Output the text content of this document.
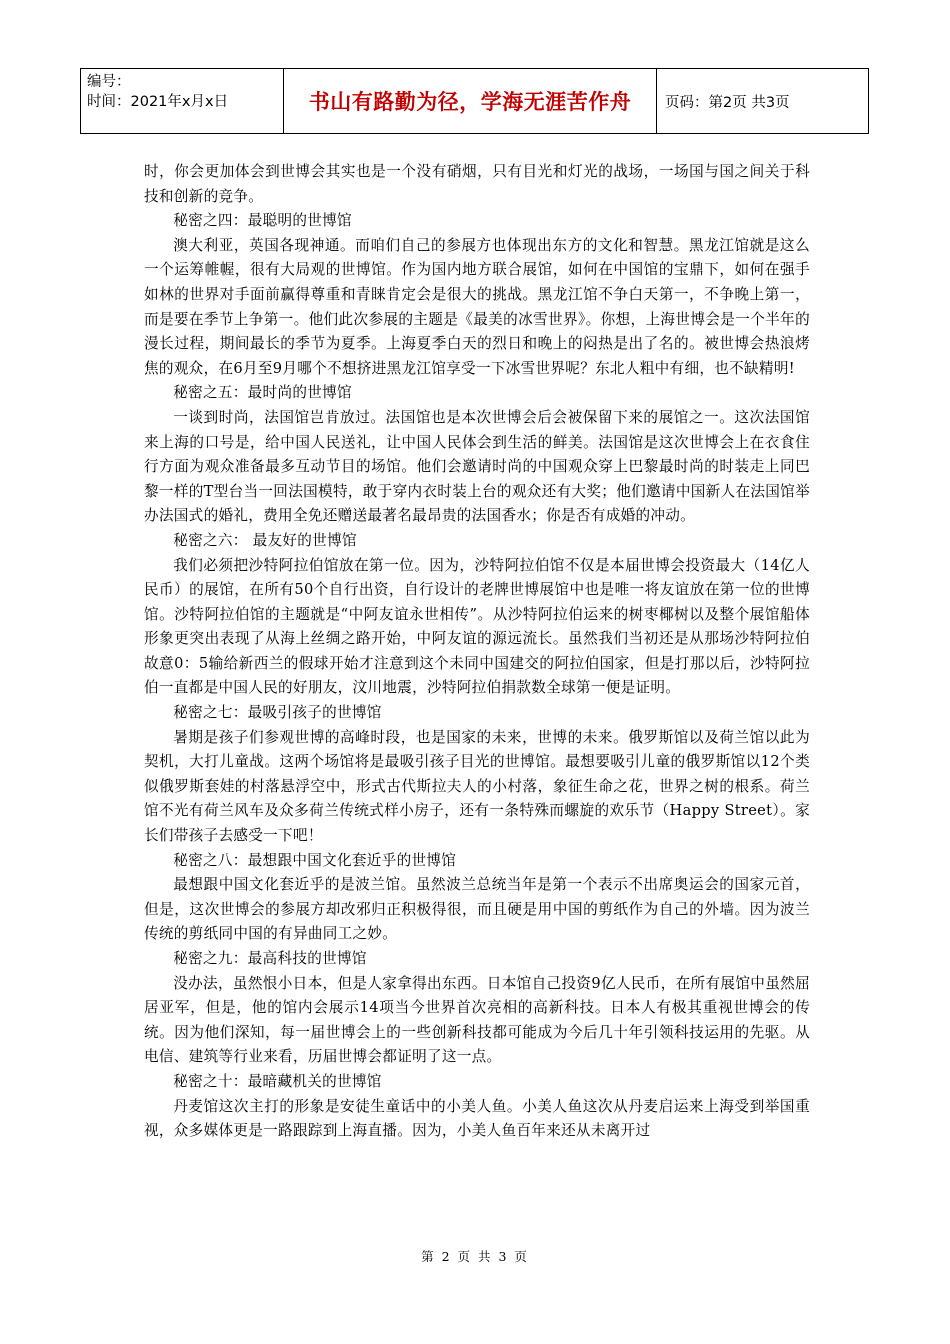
编号：
时间：2021年x月x日	书山有路勤为径，学海无涯苦作舟	页码：第2页 共3页

时，你会更加体会到世博会其实也是一个没有硝烟，只有目光和灯光的战场，一场国与国之间关于科技和创新的竞争。

秘密之四：最聪明的世博馆

澳大利亚，英国各现神通。而咱们自己的参展方也体现出东方的文化和智慧。黑龙江馆就是这么一个运筹帷幄，很有大局观的世博馆。作为国内地方联合展馆，如何在中国馆的宝鼎下，如何在强手如林的世界对手面前赢得尊重和青睐肯定会是很大的挑战。黑龙江馆不争白天第一，不争晚上第一，而是要在季节上争第一。他们此次参展的主题是《最美的冰雪世界》。你想，上海世博会是一个半年的漫长过程，期间最长的季节为夏季。上海夏季白天的烈日和晚上的闷热是出了名的。被世博会热浪烤焦的观众，在6月至9月哪个不想挤进黑龙江馆享受一下冰雪世界呢？东北人粗中有细，也不缺精明!

秘密之五：最时尚的世博馆

一谈到时尚，法国馆岂肯放过。法国馆也是本次世博会后会被保留下来的展馆之一。这次法国馆来上海的口号是，给中国人民送礼，让中国人民体会到生活的鲜美。法国馆是这次世博会上在衣食住行方面为观众准备最多互动节目的场馆。他们会邀请时尚的中国观众穿上巴黎最时尚的时装走上同巴黎一样的T型台当一回法国模特，敢于穿内衣时装上台的观众还有大奖；他们邀请中国新人在法国馆举办法国式的婚礼，费用全免还赠送最著名最昂贵的法国香水；你是否有成婚的冲动。

秘密之六： 最友好的世博馆

我们必须把沙特阿拉伯馆放在第一位。因为，沙特阿拉伯馆不仅是本届世博会投资最大（14亿人民币）的展馆，在所有50个自行出资，自行设计的老牌世博展馆中也是唯一将友谊放在第一位的世博馆。沙特阿拉伯馆的主题就是“中阿友谊永世相传”。从沙特阿拉伯运来的树枣椰树以及整个展馆船体形象更突出表现了从海上丝绸之路开始，中阿友谊的源远流长。虽然我们当初还是从那场沙特阿拉伯故意0：5输给新西兰的假球开始才注意到这个未同中国建交的阿拉伯国家，但是打那以后，沙特阿拉伯一直都是中国人民的好朋友，汶川地震，沙特阿拉伯捐款数全球第一便是证明。

秘密之七：最吸引孩子的世博馆

暑期是孩子们参观世博的高峰时段，也是国家的未来，世博的未来。俄罗斯馆以及荷兰馆以此为契机，大打儿童战。这两个场馆将是最吸引孩子目光的世博馆。最想要吸引儿童的俄罗斯馆以12个类似俄罗斯套娃的村落悬浮空中，形式古代斯拉夫人的小村落，象征生命之花，世界之树的根系。荷兰馆不光有荷兰风车及众多荷兰传统式样小房子，还有一条特殊而螺旋的欢乐节（Happy Street）。家长们带孩子去感受一下吧！

秘密之八：最想跟中国文化套近乎的世博馆

最想跟中国文化套近乎的是波兰馆。虽然波兰总统当年是第一个表示不出席奥运会的国家元首，但是，这次世博会的参展方却改邪归正积极得很，而且硬是用中国的剪纸作为自己的外墙。因为波兰传统的剪纸同中国的有异曲同工之妙。

秘密之九：最高科技的世博馆

没办法，虽然恨小日本，但是人家拿得出东西。日本馆自己投资9亿人民币，在所有展馆中虽然屈居亚军，但是，他的馆内会展示14项当今世界首次亮相的高新科技。日本人有极其重视世博会的传统。因为他们深知，每一届世博会上的一些创新科技都可能成为今后几十年引领科技运用的先驱。从电信、建筑等行业来看，历届世博会都证明了这一点。

秘密之十：最暗藏机关的世博馆

丹麦馆这次主打的形象是安徒生童话中的小美人鱼。小美人鱼这次从丹麦启运来上海受到举国重视，众多媒体更是一路跟踪到上海直播。因为，小美人鱼百年来还从未离开过

第 2 页 共 3 页
